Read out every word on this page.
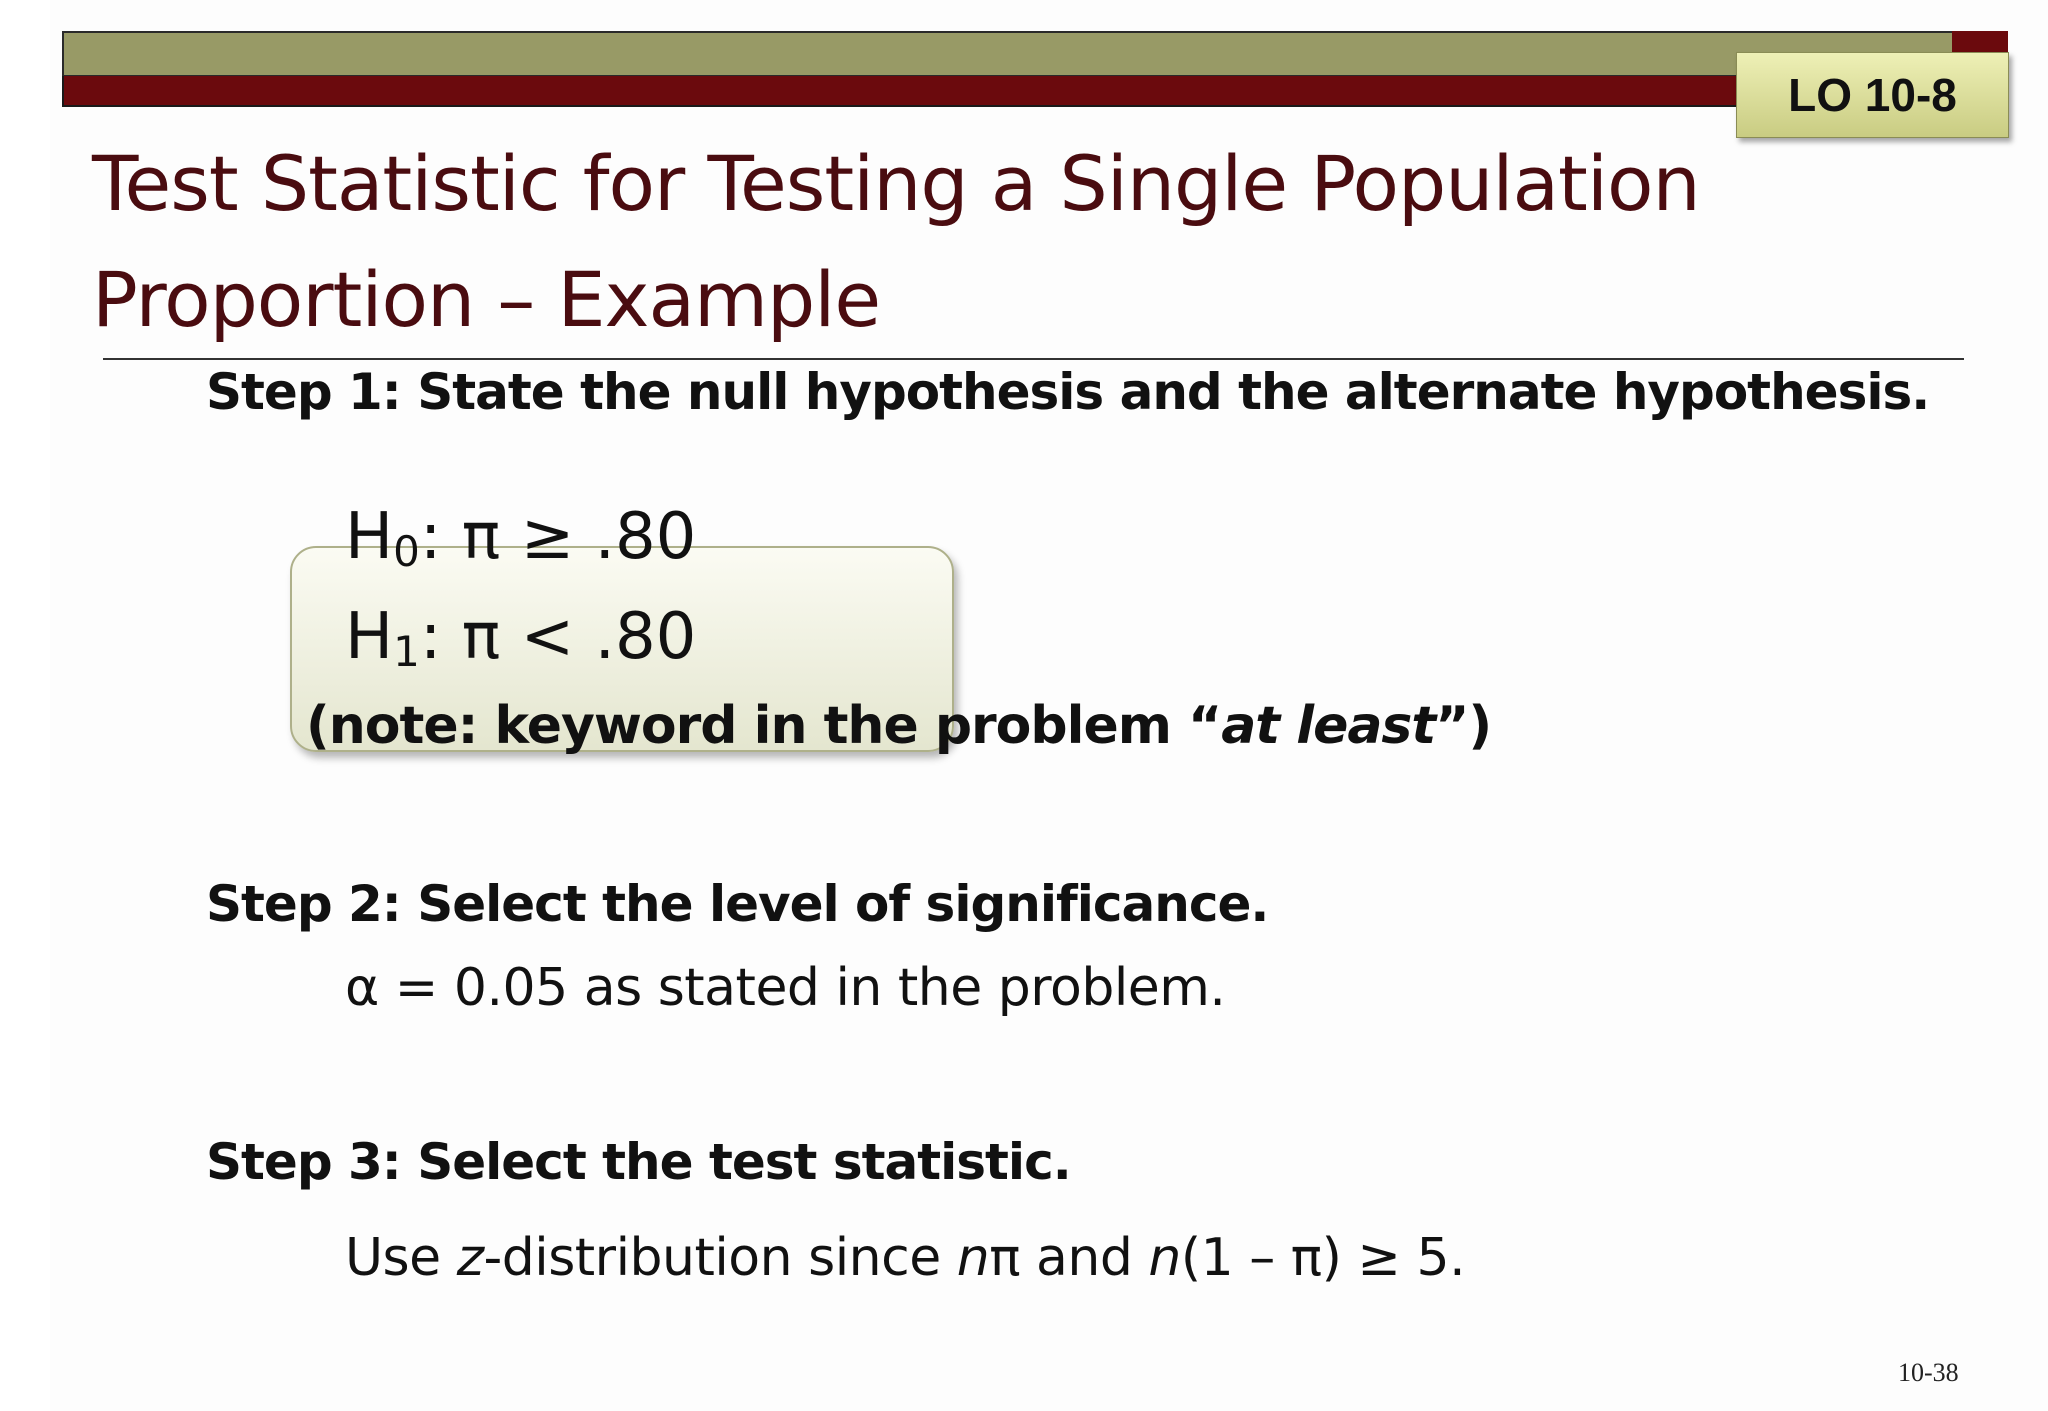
LO 10-8
Test Statistic for Testing a Single Population
Proportion – Example
Step 1: State the null hypothesis and the alternate hypothesis.
$H_0$: π ≥ .80
$H_1$: π < .80
(note: keyword in the problem “at least”)
Step 2: Select the level of significance.
α = 0.05 as stated in the problem.
Step 3: Select the test statistic.
Use z-distribution since nπ and n(1 – π) ≥ 5.
10-38
